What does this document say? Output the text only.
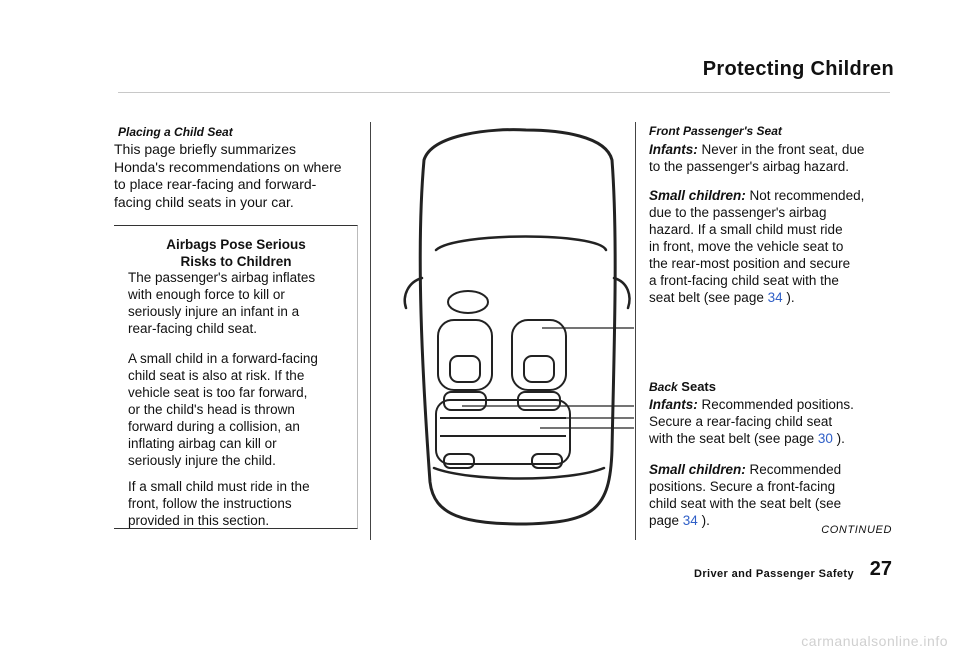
Protecting Children
Placing a Child Seat
This page briefly summarizes
Honda's recommendations on where
to place rear-facing and forward-
facing child seats in your car.
Airbags Pose Serious
Risks to Children
The passenger's airbag inflates
with enough force to kill or
seriously injure an infant in a
rear-facing child seat.
A small child in a forward-facing
child seat is also at risk. If the
vehicle seat is too far forward,
or the child's head is thrown
forward during a collision, an
inflating airbag can kill or
seriously injure the child.
If a small child must ride in the
front, follow the instructions
provided in this section.
Front Passenger's Seat
Infants: Never in the front seat, due
to the passenger's airbag hazard.
Small children: Not recommended,
due to the passenger's airbag
hazard. If a small child must ride
in front, move the vehicle seat to
the rear-most position and secure
a front-facing child seat with the
seat belt (see page 34 ).
Back Seats
Infants: Recommended positions.
Secure a rear-facing child seat
with the seat belt (see page 30 ).
Small children: Recommended
positions. Secure a front-facing
child seat with the seat belt (see
page 34 ).
CONTINUED
Driver and Passenger Safety 27
carmanualsonline.info
